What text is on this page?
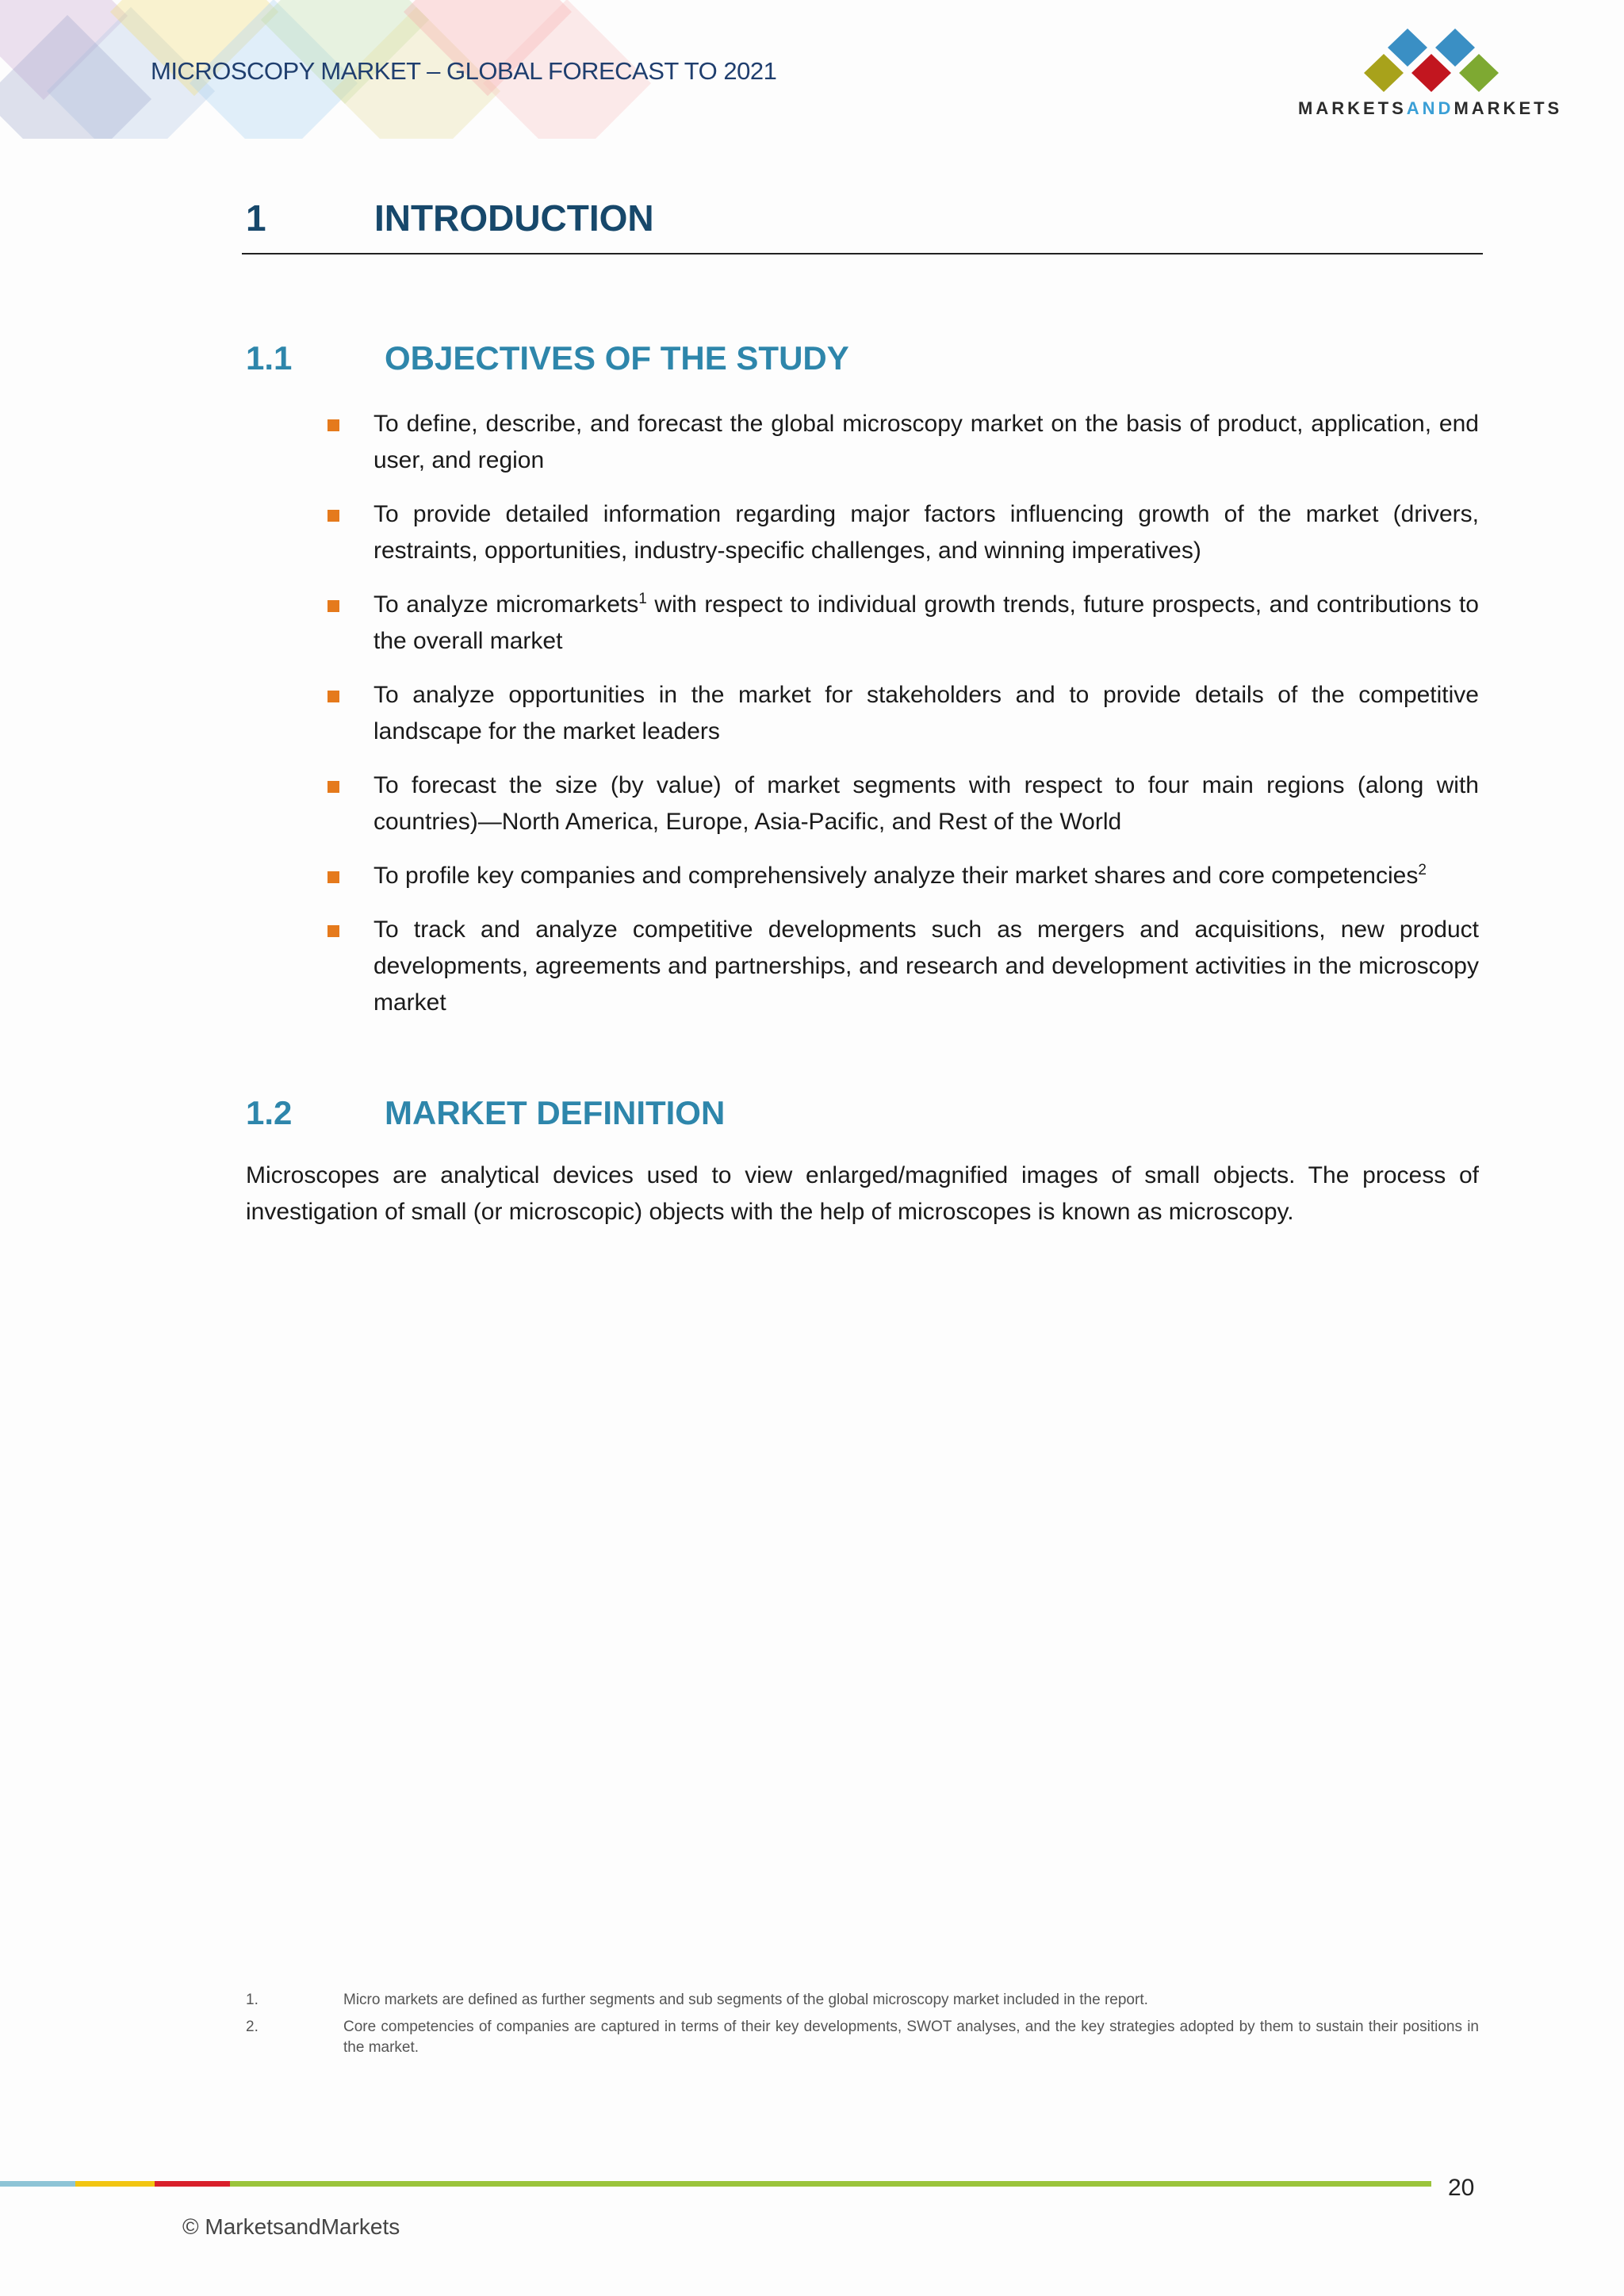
MICROSCOPY MARKET – GLOBAL FORECAST TO 2021
MARKETSANDMARKETS
1	INTRODUCTION
1.1	OBJECTIVES OF THE STUDY
To define, describe, and forecast the global microscopy market on the basis of product, application, end user, and region
To provide detailed information regarding major factors influencing growth of the market (drivers, restraints, opportunities, industry-specific challenges, and winning imperatives)
To analyze micromarkets$^1$ with respect to individual growth trends, future prospects, and contributions to the overall market
To analyze opportunities in the market for stakeholders and to provide details of the competitive landscape for the market leaders
To forecast the size (by value) of market segments with respect to four main regions (along with countries)—North America, Europe, Asia-Pacific, and Rest of the World
To profile key companies and comprehensively analyze their market shares and core competencies$^2$
To track and analyze competitive developments such as mergers and acquisitions, new product developments, agreements and partnerships, and research and development activities in the microscopy market
1.2	MARKET DEFINITION
Microscopes are analytical devices used to view enlarged/magnified images of small objects. The process of investigation of small (or microscopic) objects with the help of microscopes is known as microscopy.
1.	Micro markets are defined as further segments and sub segments of the global microscopy market included in the report.
2.	Core competencies of companies are captured in terms of their key developments, SWOT analyses, and the key strategies adopted by them to sustain their positions in the market.
20
© MarketsandMarkets
